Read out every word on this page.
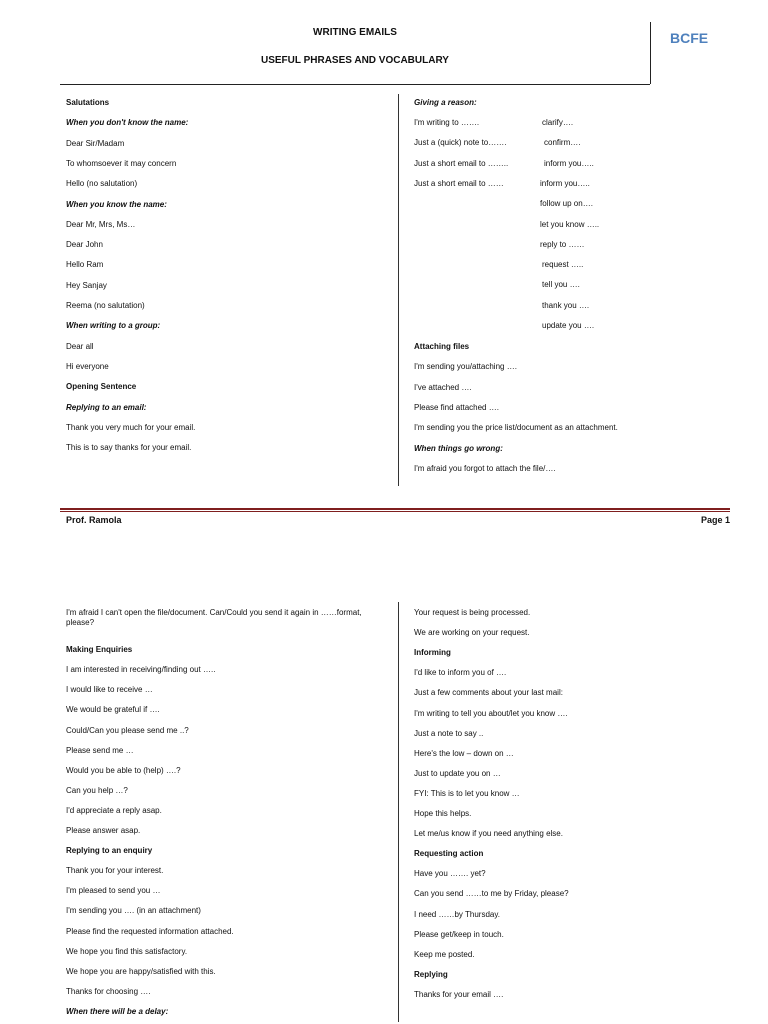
WRITING EMAILS
USEFUL PHRASES AND VOCABULARY
BCFE
Salutations
When you don't know the name:
Dear Sir/Madam
To whomsoever it may concern
Hello (no salutation)
When you know the name:
Dear Mr, Mrs, Ms…
Dear John
Hello Ram
Hey Sanjay
Reema (no salutation)
When writing to a group:
Dear all
Hi everyone
Opening Sentence
Replying to an email:
Thank you very much for your email.
This is to say thanks for your email.
Giving a reason:
I'm writing to …….
Just a (quick) note to…….
Just a short email to ……..
Just a short email to ……
clarify….
confirm….
inform you…..
inform you…..
follow up on….
let you know …..
reply to ……
request …..
tell you ….
thank you ….
update you ….
Attaching files
I'm sending you/attaching ….
I've attached ….
Please find attached ….
I'm sending you the price list/document as an attachment.
When things go wrong:
I'm afraid you forgot to attach the file/….
Prof. Ramola	Page 1
I'm afraid I can't open the file/document. Can/Could you send it again in ……format, please?
Making Enquiries
I am interested in receiving/finding out …..
I would like to receive …
We would be grateful if ….
Could/Can you please send me ..?
Please send me …
Would you be able to (help) ….?
Can you help …?
I'd appreciate a reply asap.
Please answer asap.
Replying to an enquiry
Thank you for your interest.
I'm pleased to send you …
I'm sending you …. (in an attachment)
Please find the requested information attached.
We hope you find this satisfactory.
We hope you are happy/satisfied with this.
Thanks for choosing ….
When there will be a delay:
Your request is being processed.
We are working on your request.
Informing
I'd like to inform you of ….
Just a few comments about your last mail:
I'm writing to tell you about/let you know ….
Just a note to say ..
Here's the low – down on …
Just to update you on …
FYI: This is to let you know …
Hope this helps.
Let me/us know if you need anything else.
Requesting action
Have you ……. yet?
Can you send ……to me by Friday, please?
I need ……by Thursday.
Please get/keep in touch.
Keep me posted.
Replying
Thanks for your email ….
